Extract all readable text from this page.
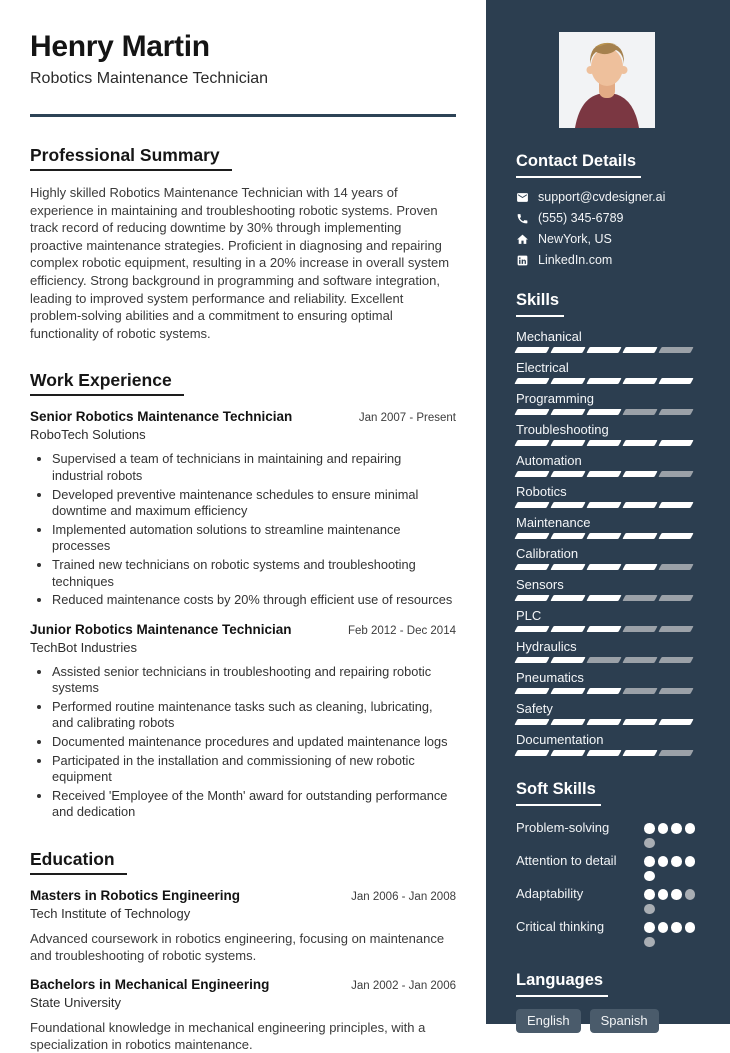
Henry Martin
Robotics Maintenance Technician
Professional Summary

Highly skilled Robotics Maintenance Technician with 14 years of experience in maintaining and troubleshooting robotic systems. Proven track record of reducing downtime by 30% through implementing proactive maintenance strategies. Proficient in diagnosing and repairing complex robotic equipment, resulting in a 20% increase in overall system efficiency. Strong background in programming and software integration, leading to improved system performance and reliability. Excellent problem-solving abilities and a commitment to ensuring optimal functionality of robotic systems.

Work Experience
Senior Robotics Maintenance Technician	Jan 2007 - Present
RoboTech Solutions
• Supervised a team of technicians in maintaining and repairing industrial robots
• Developed preventive maintenance schedules to ensure minimal downtime and maximum efficiency
• Implemented automation solutions to streamline maintenance processes
• Trained new technicians on robotic systems and troubleshooting techniques
• Reduced maintenance costs by 20% through efficient use of resources
Junior Robotics Maintenance Technician	Feb 2012 - Dec 2014
TechBot Industries
• Assisted senior technicians in troubleshooting and repairing robotic systems
• Performed routine maintenance tasks such as cleaning, lubricating, and calibrating robots
• Documented maintenance procedures and updated maintenance logs
• Participated in the installation and commissioning of new robotic equipment
• Received 'Employee of the Month' award for outstanding performance and dedication
Education
Masters in Robotics Engineering	Jan 2006 - Jan 2008
Tech Institute of Technology

Advanced coursework in robotics engineering, focusing on maintenance and troubleshooting of robotic systems.

Bachelors in Mechanical Engineering	Jan 2002 - Jan 2006
State University

Foundational knowledge in mechanical engineering principles, with a specialization in robotics maintenance.

Contact Details
support@cvdesigner.ai
(555) 345-6789
NewYork, US
LinkedIn.com
Skills
Mechanical
Electrical
Programming
Troubleshooting
Automation
Robotics
Maintenance
Calibration
Sensors
PLC
Hydraulics
Pneumatics
Safety
Documentation
Soft Skills
Problem-solving
Attention to detail
Adaptability
Critical thinking
Languages
English	Spanish
